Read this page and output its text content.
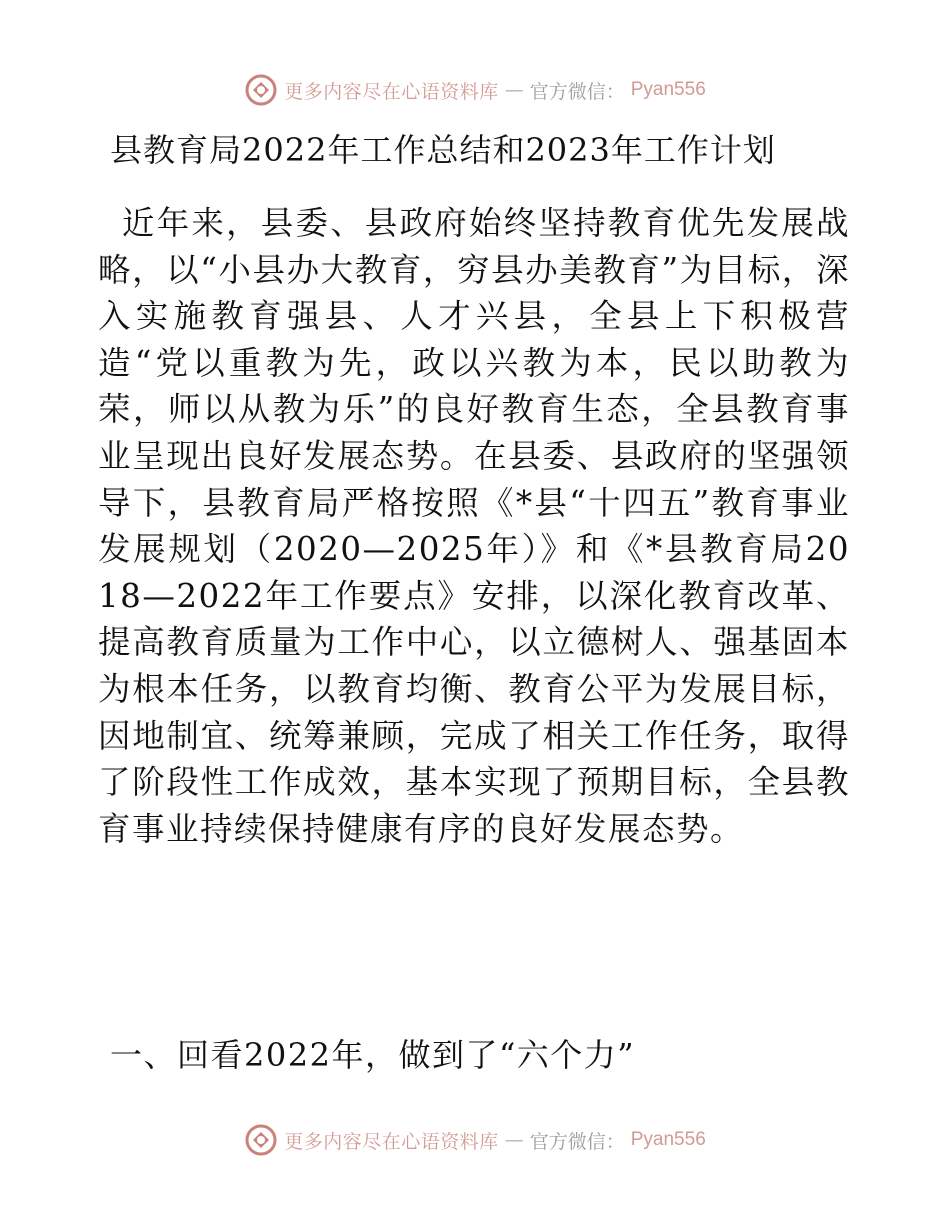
更多内容尽在心语资料库 — 官方微信： Pyan556
县教育局2022年工作总结和2023年工作计划
近年来，县委、县政府始终坚持教育优先发展战略，以“小县办大教育，穷县办美教育”为目标，深入实施教育强县、人才兴县，全县上下积极营造“党以重教为先，政以兴教为本，民以助教为荣，师以从教为乐”的良好教育生态，全县教育事业呈现出良好发展态势。在县委、县政府的坚强领导下，县教育局严格按照《*县“十四五”教育事业发展规划（2020—2025年）》和《*县教育局2018—2022年工作要点》安排，以深化教育改革、提高教育质量为工作中心，以立德树人、强基固本为根本任务，以教育均衡、教育公平为发展目标，因地制宜、统筹兼顾，完成了相关工作任务，取得了阶段性工作成效，基本实现了预期目标，全县教育事业持续保持健康有序的良好发展态势。
一、回看2022年，做到了“六个力”
更多内容尽在心语资料库 — 官方微信： Pyan556
